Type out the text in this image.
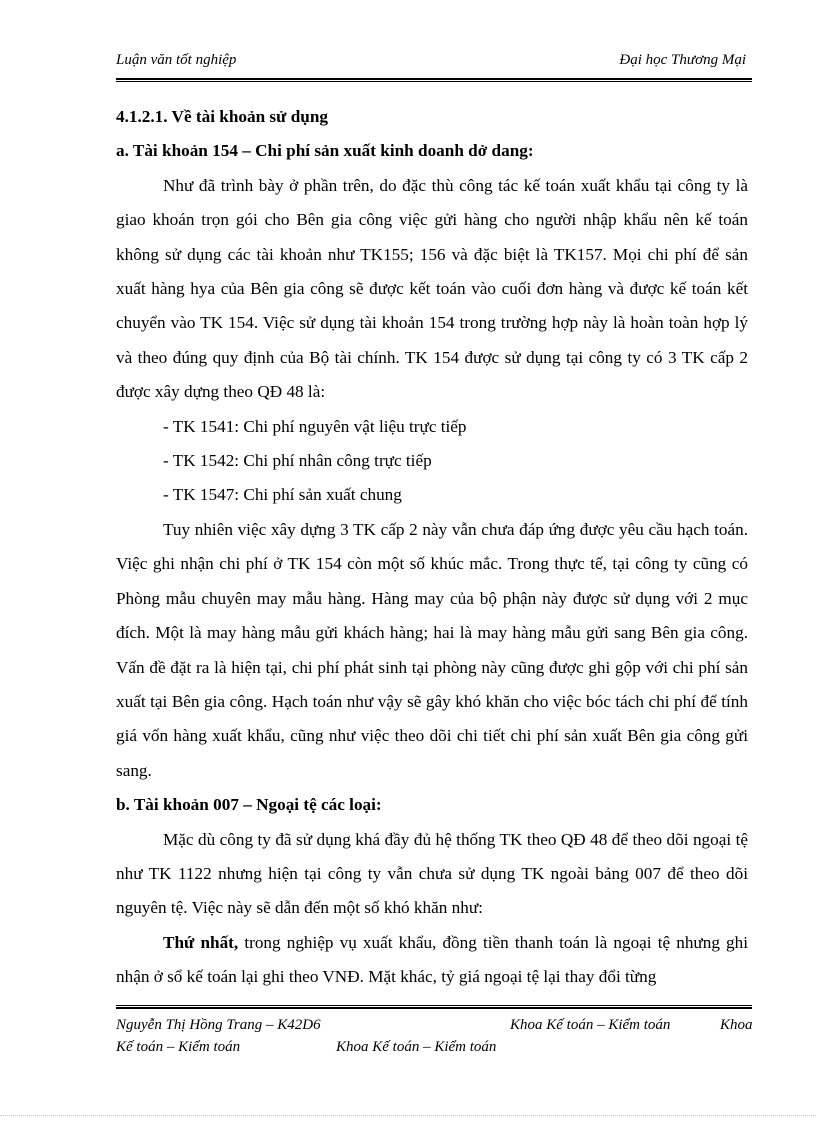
Luận văn tốt nghiệp	Đại học Thương Mại

4.1.2.1. Về tài khoản sử dụng

a. Tài khoản 154 – Chi phí sản xuất kinh doanh dở dang:

Như đã trình bày ở phần trên, do đặc thù công tác kế toán xuất khẩu tại công ty là giao khoán trọn gói cho Bên gia công việc gửi hàng cho người nhập khẩu nên kế toán không sử dụng các tài khoản như TK155; 156 và đặc biệt là TK157. Mọi chi phí để sản xuất hàng hya của Bên gia công sẽ được kết toán vào cuối đơn hàng và được kế toán kết chuyển vào TK 154. Việc sử dụng tài khoản 154 trong trường hợp này là hoàn toàn hợp lý và theo đúng quy định của Bộ tài chính. TK 154 được sử dụng tại công ty có 3 TK cấp 2 được xây dựng theo QĐ 48 là:

- TK 1541: Chi phí nguyên vật liệu trực tiếp

- TK 1542: Chi phí nhân công trực tiếp

- TK 1547: Chi phí sản xuất chung

Tuy nhiên việc xây dựng 3 TK cấp 2 này vẫn chưa đáp ứng được yêu cầu hạch toán. Việc ghi nhận chi phí ở TK 154 còn một số khúc mắc. Trong thực tế, tại công ty cũng có Phòng mẫu chuyên may mẫu hàng. Hàng may của bộ phận này được sử dụng với 2 mục đích. Một là may hàng mẫu gửi khách hàng; hai là may hàng mẫu gửi sang Bên gia công. Vấn đề đặt ra là hiện tại, chi phí phát sinh tại phòng này cũng được ghi gộp với chi phí sản xuất tại Bên gia công. Hạch toán như vậy sẽ gây khó khăn cho việc bóc tách chi phí để tính giá vốn hàng xuất khẩu, cũng như việc theo dõi chi tiết chi phí sản xuất Bên gia công gửi sang.

b. Tài khoản 007 – Ngoại tệ các loại:

Mặc dù công ty đã sử dụng khá đầy đủ hệ thống TK theo QĐ 48 để theo dõi ngoại tệ như TK 1122 nhưng hiện tại công ty vẫn chưa sử dụng TK ngoài bảng 007 để theo dõi nguyên tệ. Việc này sẽ dẫn đến một số khó khăn như:

Thứ nhất, trong nghiệp vụ xuất khẩu, đồng tiền thanh toán là ngoại tệ nhưng ghi nhận ở sổ kế toán lại ghi theo VNĐ. Mặt khác, tỷ giá ngoại tệ lại thay đổi từng

Nguyễn Thị Hồng Trang – K42D6	Khoa Kế toán – Kiểm toán	Khoa
Kế toán – Kiểm toán	Khoa Kế toán – Kiểm toán
